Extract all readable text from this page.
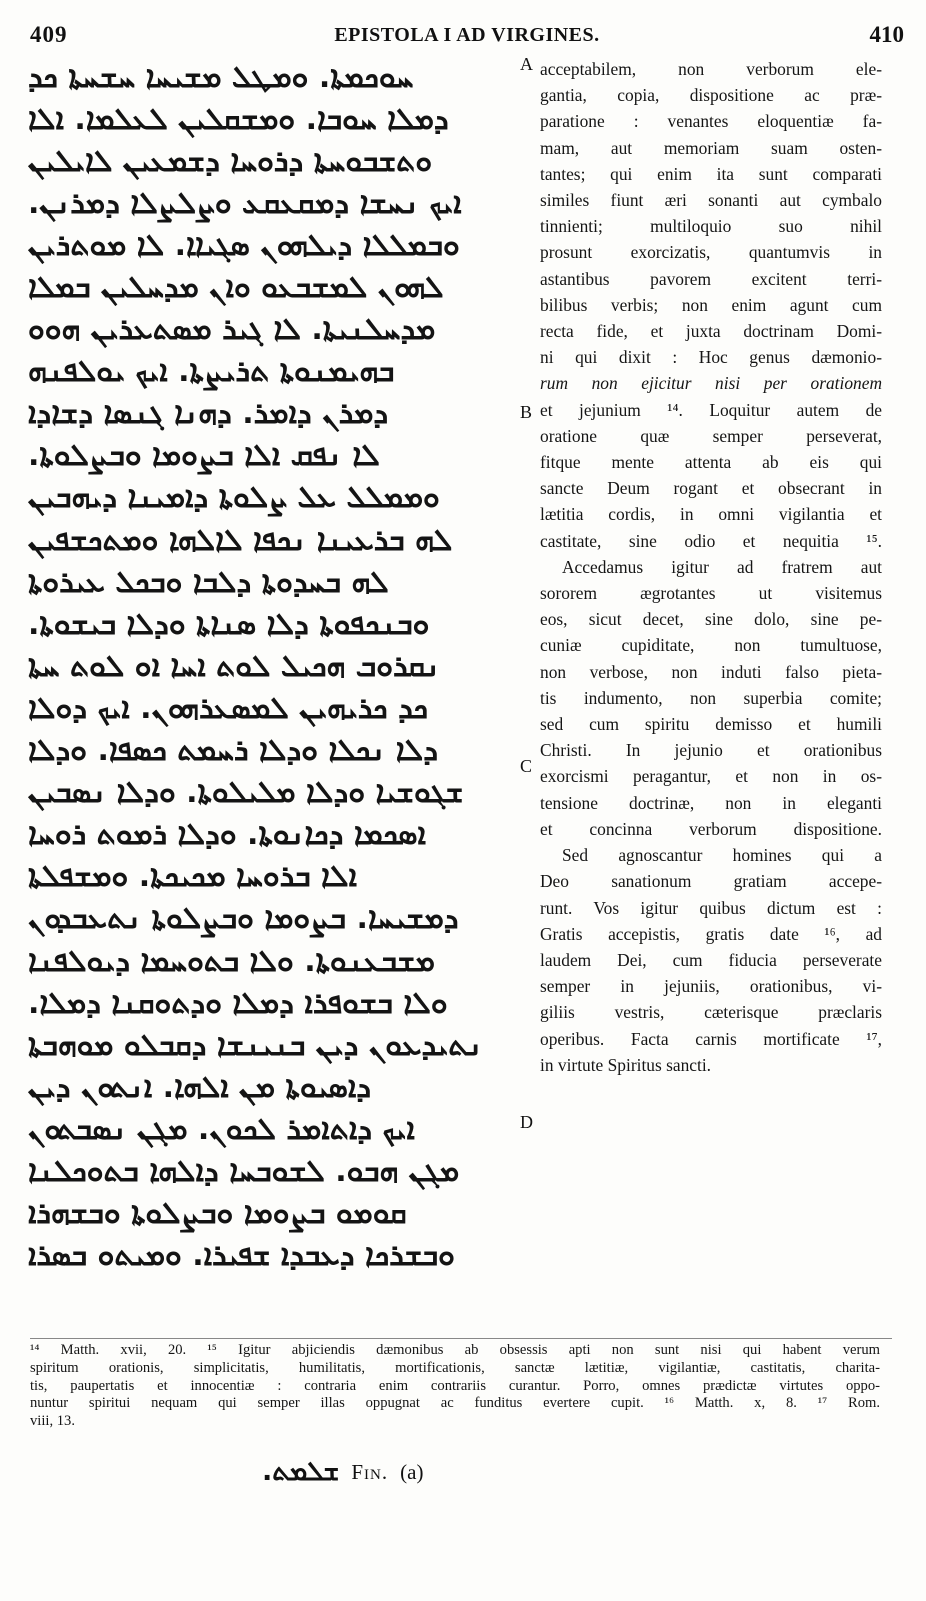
409	EPISTOLA I AD VIRGINES.	410

ܚܘܟܡܬܐ. ܘܡܛܠ ܡܫܝܚܐ ܚܫܚܬܐ ܟܕ

ܕܡܠܐ ܚܘܒܐ. ܘܡܫܩܠܝܢ ܠܥܠܡܐ. ܐܠܐ

ܘܬܫܒܘܚܬܐ ܕܪܘܚܐ ܕܫܡܥܝܢ ܠܐܝܠܝܢ

ܐܝܟ ܢܚܫܐ ܕܡܩܥܩܥ ܘܨܠܨܠܐ ܕܡܪܢܢ.

ܘܒܡܠܠܐ ܕܝܠܗܘܢ ܣܓܝܐܐ. ܠܐ ܡܘܬܪܝܢ

ܠܗܘܢ ܠܡܫܒܥܘ ܘܐܢ ܡܕܚܠܝܢ ܒܡܠܐ

ܡܕܚܠܢܝܬܐ. ܠܐ ܓܝܪ ܡܣܬܥܪܝܢ ܗܘܘ

ܒܗܝܡܢܘܬܐ ܬܪܝܨܬܐ. ܐܝܟ ܝܘܠܦܢܗ

ܕܡܪܢ ܕܐܡܪ. ܕܗܢܐ ܓܢܣܐ ܕܫܐܕܐ

ܠܐ ܢܦܩ ܐܠܐ ܒܨܘܡܐ ܘܒܨܠܘܬܐ.

ܘܡܡܠܠ ܥܠ ܨܠܘܬܐ ܕܐܡܝܢܐ ܕܝܗܒܝܢ

ܠܗ ܒܪܥܝܢܐ ܢܟܦܐ ܠܐܠܗܐ ܘܡܬܟܫܦܝܢ

ܠܗ ܒܚܕܘܬܐ ܕܠܒܐ ܘܒܟܠ ܥܝܪܘܬܐ

ܘܒܢܟܦܘܬܐ ܕܠܐ ܣܢܐܬܐ ܘܕܠܐ ܒܝܫܘܬܐ.

ܢܩܪܘܒ ܗܟܝܠ ܠܘܬ ܐܚܐ ܐܘ ܠܘܬ ܚܬܐ

ܟܕ ܟܪܝܗܝܢ ܠܡܣܥܪܗܘܢ. ܐܝܟ ܕܘܠܐ

ܕܠܐ ܢܟܠܐ ܘܕܠܐ ܪܚܡܬ ܟܣܦܐ. ܘܕܠܐ

ܫܓܘܫܝܐ ܘܕܠܐ ܡܠܝܠܘܬܐ. ܘܕܠܐ ܢܣܒܝܢ

ܐܣܟܡܐ ܕܟܐܢܘܬܐ. ܘܕܠܐ ܪܡܘܬ ܪܘܚܐ

ܐܠܐ ܒܪܘܚܐ ܡܟܝܟܬܐ. ܘܡܫܦܠܬܐ

ܕܡܫܝܚܐ. ܒܨܘܡܐ ܘܒܨܠܘܬܐ ܢܬܥܒܕܘܢ

ܡܫܒܥܢܘܬܐ. ܘܠܐ ܒܬܘܚܡܐ ܕܝܘܠܦܢܐ

ܘܠܐ ܒܫܘܦܪܐ ܕܡܠܐ ܘܕܬܘܩܢܐ ܕܡܠܐ.

ܢܬܝܕܥܘܢ ܕܝܢ ܒܢܝܢܫܐ ܕܩܒܠܘ ܡܘܗܒܬܐ

ܕܐܣܝܘܬܐ ܡܢ ܐܠܗܐ. ܐܢܬܘܢ ܕܝܢ

ܐܝܟ ܕܐܬܐܡܪ ܠܟܘܢ. ܡܓܢ ܢܣܒܬܘܢ

ܡܓܢ ܗܒܘ. ܠܫܘܒܚܐ ܕܐܠܗܐ ܒܬܘܟܠܢܐ

ܩܘܡܘ ܒܨܘܡܐ ܘܒܨܠܘܬܐ ܘܒܫܗܪܐ

ܘܒܫܪܟܐ ܕܥܒܕܐ ܫܦܝܪܐ. ܘܡܝܬܘ ܒܣܪܐ

A
B
C
D
acceptabilem, non verborum ele-
gantia, copia, dispositione ac præ-
paratione : venantes eloquentiæ fa-
mam, aut memoriam suam osten-
tantes; qui enim ita sunt comparati
similes fiunt æri sonanti aut cymbalo
tinnienti; multiloquio suo nihil
prosunt exorcizatis, quantumvis in
astantibus pavorem excitent terri-
bilibus verbis; non enim agunt cum
recta fide, et juxta doctrinam Domi-
ni qui dixit : Hoc genus dæmonio-
rum non ejicitur nisi per orationem
et jejunium ¹⁴. Loquitur autem de
oratione quæ semper perseverat,
fitque mente attenta ab eis qui
sancte Deum rogant et obsecrant in
lætitia cordis, in omni vigilantia et
castitate, sine odio et nequitia ¹⁵.
Accedamus igitur ad fratrem aut
sororem ægrotantes ut visitemus
eos, sicut decet, sine dolo, sine pe-
cuniæ cupiditate, non tumultuose,
non verbose, non induti falso pieta-
tis indumento, non superbia comite;
sed cum spiritu demisso et humili
Christi. In jejunio et orationibus
exorcismi peragantur, et non in os-
tensione doctrinæ, non in eleganti
et concinna verborum dispositione.
Sed agnoscantur homines qui a
Deo sanationum gratiam accepe-
runt. Vos igitur quibus dictum est :
Gratis accepistis, gratis date ¹⁶, ad
laudem Dei, cum fiducia perseverate
semper in jejuniis, orationibus, vi-
giliis vestris, cæterisque præclaris
operibus. Facta carnis mortificate ¹⁷,
in virtute Spiritus sancti.
¹⁴ Matth. xvii, 20. ¹⁵ Igitur abjiciendis dæmonibus ab obsessis apti non sunt nisi qui habent verum
spiritum orationis, simplicitatis, humilitatis, mortificationis, sanctæ lætitiæ, vigilantiæ, castitatis, charita-
tis, paupertatis et innocentiæ : contraria enim contrariis curantur. Porro, omnes prædictæ virtutes oppo-
nuntur spiritui nequam qui semper illas oppugnat ac funditus evertere cupit. ¹⁶ Matth. x, 8. ¹⁷ Rom.
viii, 13.
ܫܠܡܬ. Fin. (a)
